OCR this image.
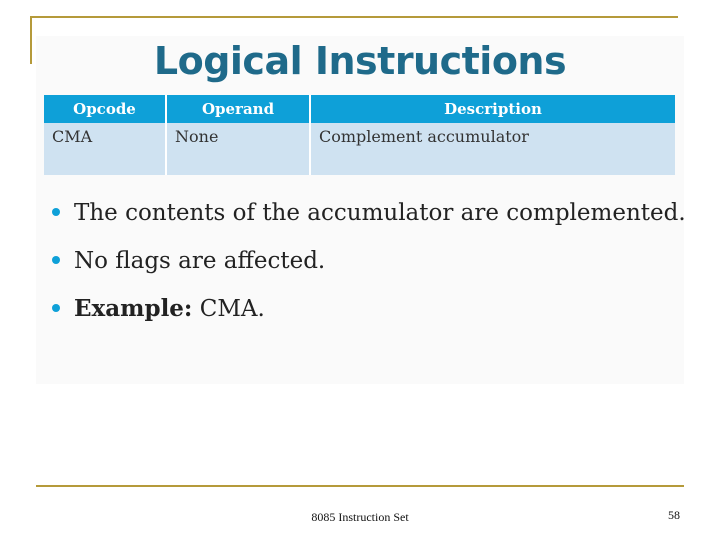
Logical Instructions
Opcode	Operand	Description
CMA	None	Complement accumulator
The contents of the accumulator are complemented.
No flags are affected.
Example: CMA.
8085 Instruction Set	58
